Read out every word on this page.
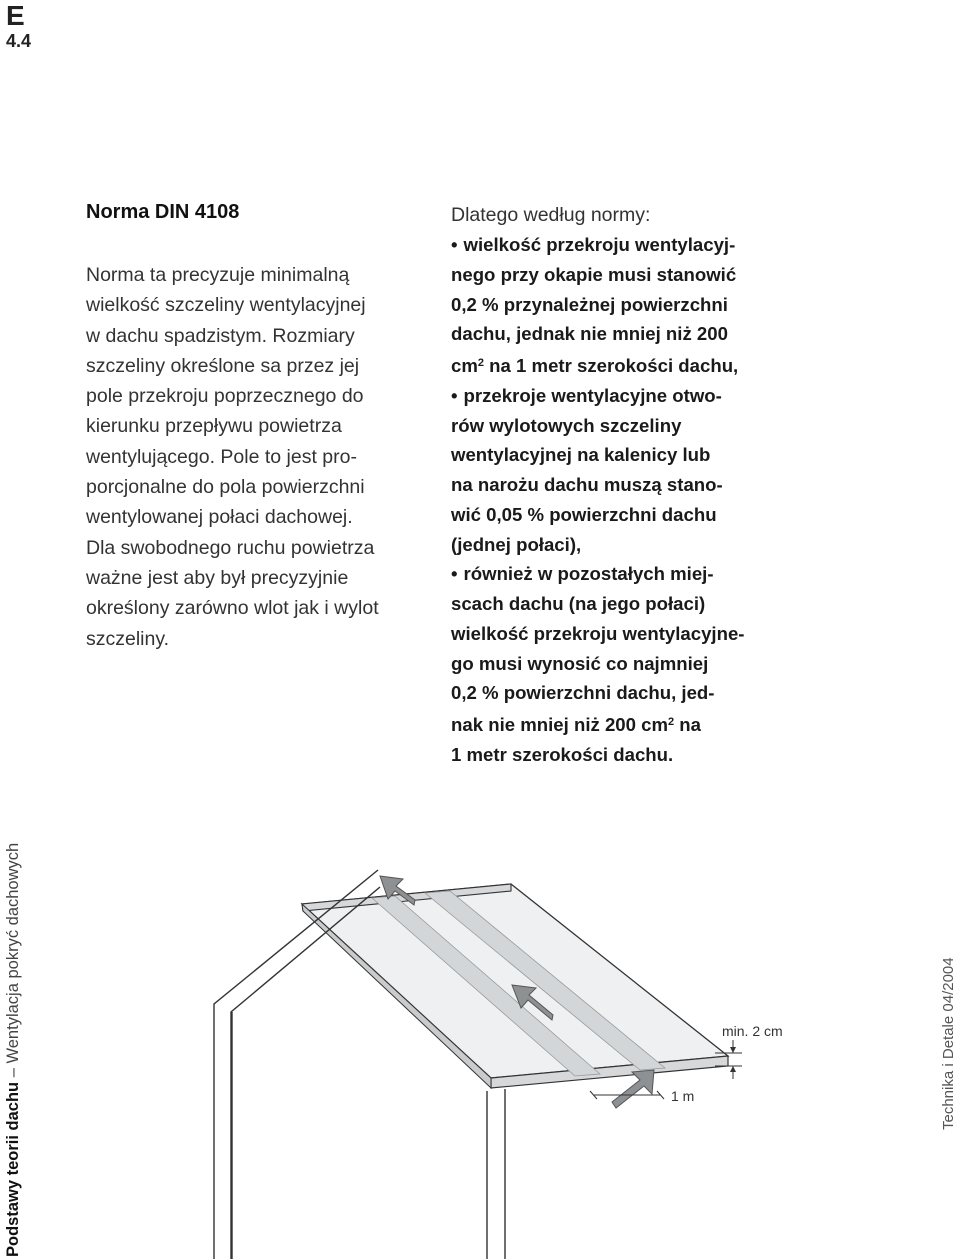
E
4.4
Norma DIN 4108

Norma ta precyzuje minimalną
wielkość szczeliny wentylacyjnej
w dachu spadzistym. Rozmiary
szczeliny określone sa przez jej
pole przekroju poprzecznego do
kierunku przepływu powietrza
wentylującego. Pole to jest pro-
porcjonalne do pola powierzchni
wentylowanej połaci dachowej.
Dla swobodnego ruchu powietrza
ważne jest aby był precyzyjnie
określony zarówno wlot jak i wylot
szczeliny.

Dlatego według normy:
• wielkość przekroju wentylacyj-
nego przy okapie musi stanowić
0,2 % przynależnej powierzchni
dachu, jednak nie mniej niż 200
$cm^2$ na 1 metr szerokości dachu,
• przekroje wentylacyjne otwo-
rów wylotowych szczeliny
wentylacyjnej na kalenicy lub
na narożu dachu muszą stano-
wić 0,05 % powierzchni dachu
(jednej połaci),
• również w pozostałych miej-
scach dachu (na jego połaci)
wielkość przekroju wentylacyjne-
go musi wynosić co najmniej
0,2 % powierzchni dachu, jed-
nak nie mniej niż 200 $cm^2$ na
1 metr szerokości dachu.
1 m
min. 2 cm
Podstawy teorii dachu – Wentylacja pokryć dachowych	Technika i Detale 04/2004
